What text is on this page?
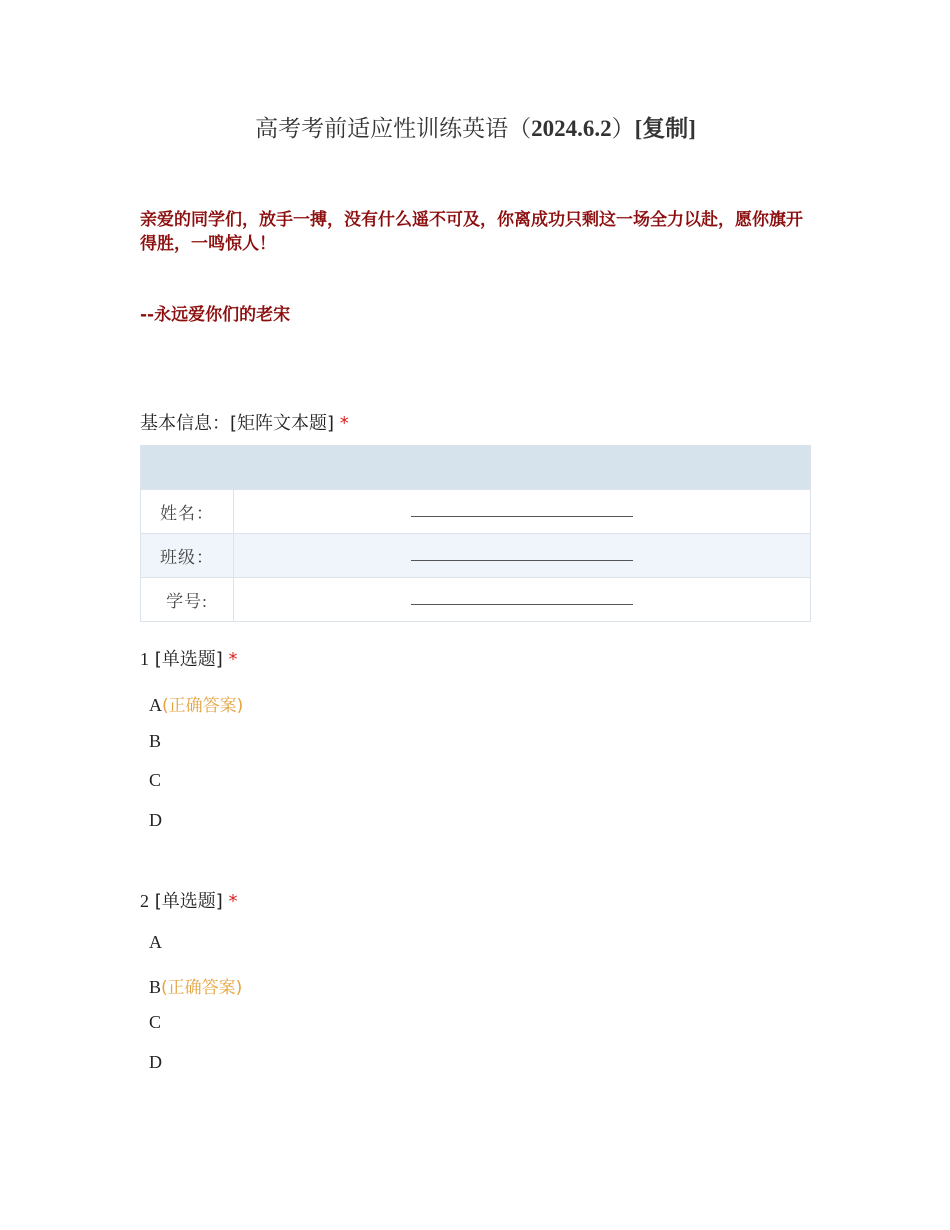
高考考前适应性训练英语（2024.6.2）[复制]
亲爱的同学们，放手一搏，没有什么遥不可及，你离成功只剩这一场全力以赴，愿你旗开得胜，一鸣惊人！
--永远爱你们的老宋
基本信息：[矩阵文本题] *

姓名：	
班级：	
学号:	
1 [单选题] *
A(正确答案)
B
C
D
2 [单选题] *
A
B(正确答案)
C
D
